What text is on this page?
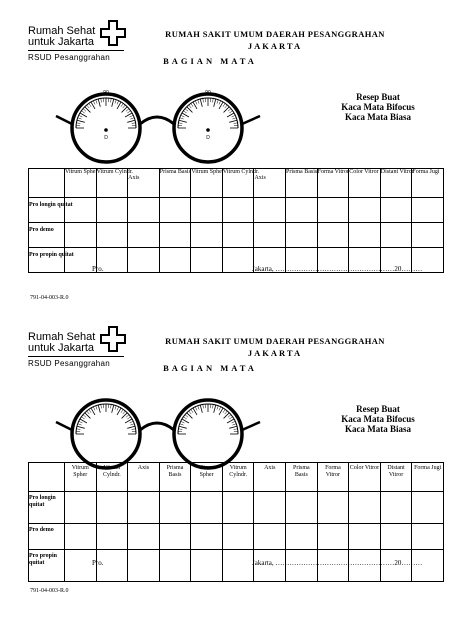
Rumah Sehat
untuk Jakarta
RSUD Pesanggrahan
RUMAH SAKIT UMUM DAERAH PESANGGRAHAN
JAKARTA
BAGIAN MATA
90	90
D	D
Resep Buat
Kaca Mata Bifocus
Kaca Mata Biasa
	Vitrum Spher	Vitrum Cylndr.	Axis	Prisma Basis	Vitrum Spher	Vitrum Cylndr.	Axis	Prisma Basis	Forma Vitror	Color Vitror	Distant Vitror	Forma Jugi
Pro longin quitat												
Pro demo												
Pro propin quitat												
Pro.	Jakarta, ……………………………………………20………
791-04-003-R.0
Rumah Sehat
untuk Jakarta
RSUD Pesanggrahan
RUMAH SAKIT UMUM DAERAH PESANGGRAHAN
JAKARTA
BAGIAN MATA
Resep Buat
Kaca Mata Bifocus
Kaca Mata Biasa
	Vitrum Spher	Vitrum Cylndr.	Axis	Prisma Basis	Vitrum Spher	Vitrum Cylndr.	Axis	Prisma Basis	Forma Vitror	Color Vitror	Distant Vitror	Forma Jugi
Pro longin quitat												
Pro demo												
Pro propin quitat													Pro.	Jakarta, ……………………………………………20………
791-04-003-R.0
